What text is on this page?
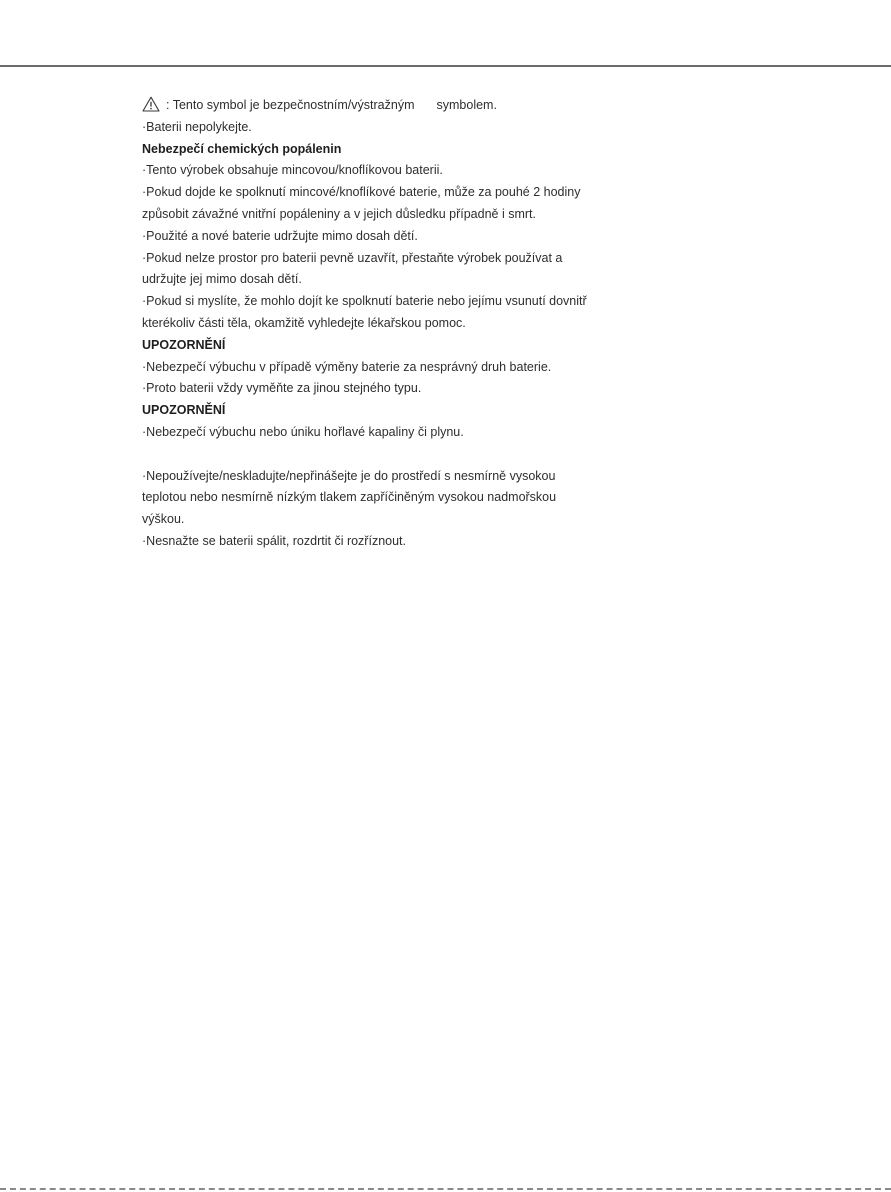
: Tento symbol je bezpečnostním/výstražným symbolem.
·Baterii nepolykejte.
Nebezpečí chemických popálenin
·Tento výrobek obsahuje mincovou/knoflíkovou baterii.
·Pokud dojde ke spolknutí mincové/knoflíkové baterie, může za pouhé 2 hodiny
způsobit závažné vnitřní popáleniny a v jejich důsledku případně i smrt.
·Použité a nové baterie udržujte mimo dosah dětí.
·Pokud nelze prostor pro baterii pevně uzavřít, přestaňte výrobek používat a
udržujte jej mimo dosah dětí.
·Pokud si myslíte, že mohlo dojít ke spolknutí baterie nebo jejímu vsunutí dovnitř
kterékoliv části těla, okamžitě vyhledejte lékařskou pomoc.
UPOZORNĚNÍ
·Nebezpečí výbuchu v případě výměny baterie za nesprávný druh baterie.
·Proto baterii vždy vyměňte za jinou stejného typu.
UPOZORNĚNÍ
·Nebezpečí výbuchu nebo úniku hořlavé kapaliny či plynu.
·Nepoužívejte/neskladujte/nepřinášejte je do prostředí s nesmírně vysokou
teplotou nebo nesmírně nízkým tlakem zapříčiněným vysokou nadmořskou
výškou.
·Nesnažte se baterii spálit, rozdrtit či rozříznout.
